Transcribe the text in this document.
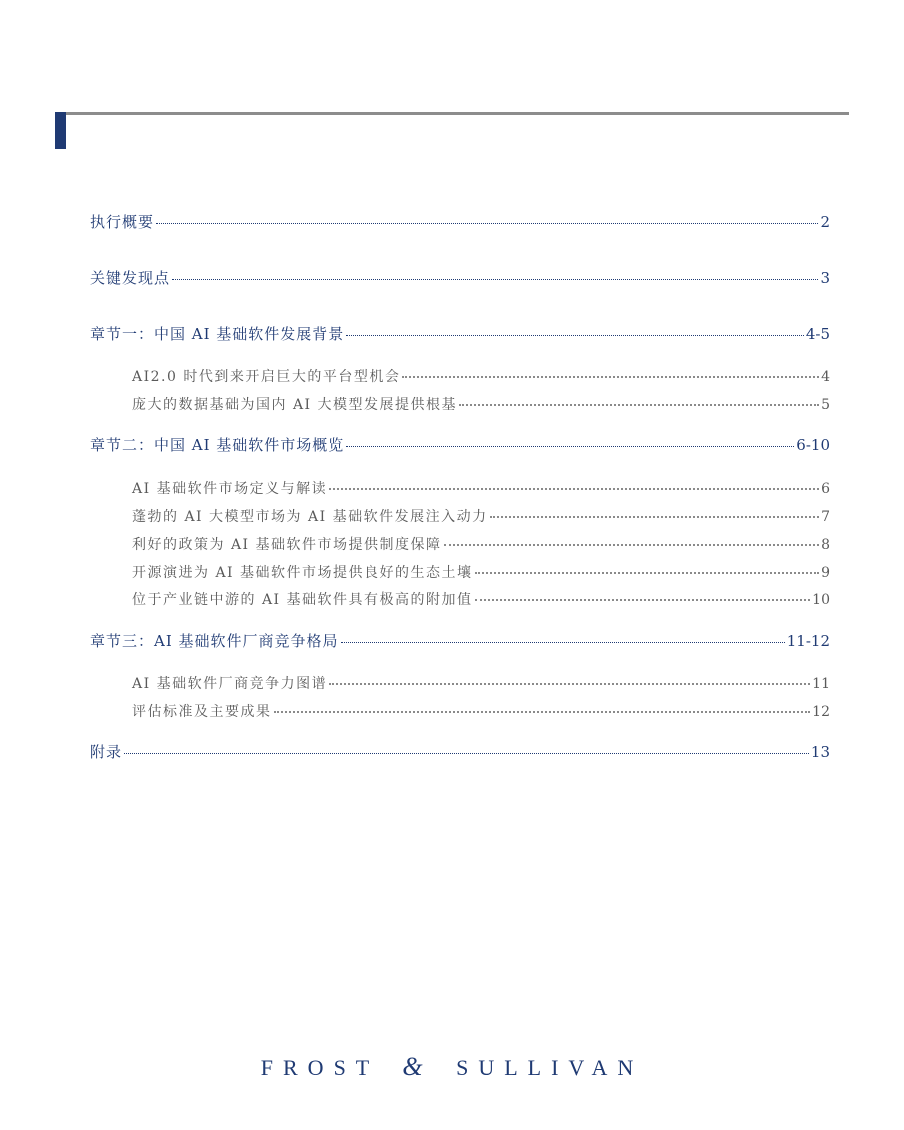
执行概要	2
关键发现点	3
章节一：中国 AI 基础软件发展背景	4-5
AI2.0 时代到来开启巨大的平台型机会	4
庞大的数据基础为国内 AI 大模型发展提供根基	5
章节二：中国 AI 基础软件市场概览	6-10
AI 基础软件市场定义与解读	6
蓬勃的 AI 大模型市场为 AI 基础软件发展注入动力	7
利好的政策为 AI 基础软件市场提供制度保障	8
开源演进为 AI 基础软件市场提供良好的生态土壤	9
位于产业链中游的 AI 基础软件具有极高的附加值	10
章节三：AI 基础软件厂商竞争格局	11-12
AI 基础软件厂商竞争力图谱	11
评估标准及主要成果	12
附录	13
FROST & SULLIVAN
